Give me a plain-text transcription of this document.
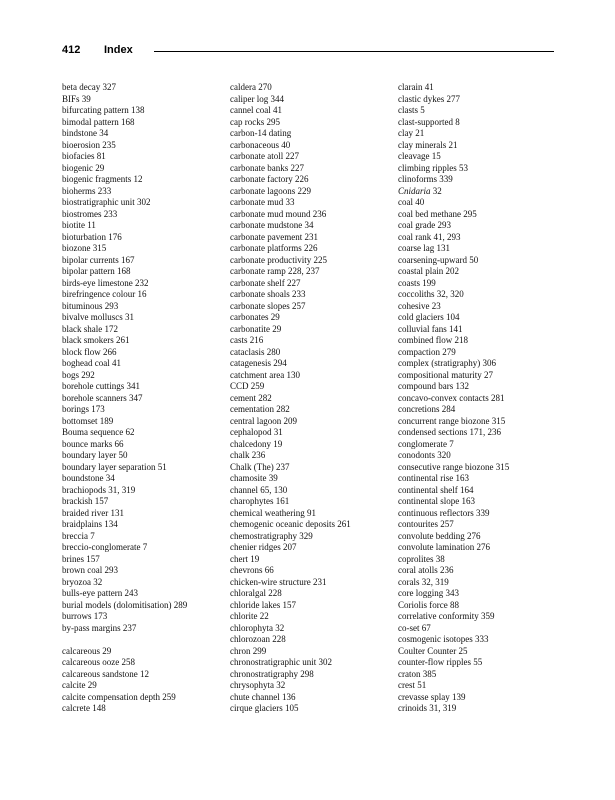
412 Index
beta decay 327
BIFs 39
bifurcating pattern 138
bimodal pattern 168
bindstone 34
bioerosion 235
biofacies 81
biogenic 29
biogenic fragments 12
bioherms 233
biostratigraphic unit 302
biostromes 233
biotite 11
bioturbation 176
biozone 315
bipolar currents 167
bipolar pattern 168
birds-eye limestone 232
birefringence colour 16
bituminous 293
bivalve molluscs 31
black shale 172
black smokers 261
block flow 266
boghead coal 41
bogs 292
borehole cuttings 341
borehole scanners 347
borings 173
bottomset 189
Bouma sequence 62
bounce marks 66
boundary layer 50
boundary layer separation 51
boundstone 34
brachiopods 31, 319
brackish 157
braided river 131
braidplains 134
breccia 7
breccio-conglomerate 7
brines 157
brown coal 293
bryozoa 32
bulls-eye pattern 243
burial models (dolomitisation) 289
burrows 173
by-pass margins 237
calcareous 29
calcareous ooze 258
calcareous sandstone 12
calcite 29
calcite compensation depth 259
calcrete 148
caldera 270
caliper log 344
cannel coal 41
cap rocks 295
carbon-14 dating
carbonaceous 40
carbonate atoll 227
carbonate banks 227
carbonate factory 226
carbonate lagoons 229
carbonate mud 33
carbonate mud mound 236
carbonate mudstone 34
carbonate pavement 231
carbonate platforms 226
carbonate productivity 225
carbonate ramp 228, 237
carbonate shelf 227
carbonate shoals 233
carbonate slopes 257
carbonates 29
carbonatite 29
casts 216
cataclasis 280
catagenesis 294
catchment area 130
CCD 259
cement 282
cementation 282
central lagoon 209
cephalopod 31
chalcedony 19
chalk 236
Chalk (The) 237
chamosite 39
channel 65, 130
charophytes 161
chemical weathering 91
chemogenic oceanic deposits 261
chemostratigraphy 329
chenier ridges 207
chert 19
chevrons 66
chicken-wire structure 231
chloralgal 228
chloride lakes 157
chlorite 22
chlorophyta 32
chlorozoan 228
chron 299
chronostratigraphic unit 302
chronostratigraphy 298
chrysophyta 32
chute channel 136
cirque glaciers 105
clarain 41
clastic dykes 277
clasts 5
clast-supported 8
clay 21
clay minerals 21
cleavage 15
climbing ripples 53
clinoforms 339
Cnidaria 32
coal 40
coal bed methane 295
coal grade 293
coal rank 41, 293
coarse lag 131
coarsening-upward 50
coastal plain 202
coasts 199
coccoliths 32, 320
cohesive 23
cold glaciers 104
colluvial fans 141
combined flow 218
compaction 279
complex (stratigraphy) 306
compositional maturity 27
compound bars 132
concavo-convex contacts 281
concretions 284
concurrent range biozone 315
condensed sections 171, 236
conglomerate 7
conodonts 320
consecutive range biozone 315
continental rise 163
continental shelf 164
continental slope 163
continuous reflectors 339
contourites 257
convolute bedding 276
convolute lamination 276
coprolites 38
coral atolls 236
corals 32, 319
core logging 343
Coriolis force 88
correlative conformity 359
co-set 67
cosmogenic isotopes 333
Coulter Counter 25
counter-flow ripples 55
craton 385
crest 51
crevasse splay 139
crinoids 31, 319
